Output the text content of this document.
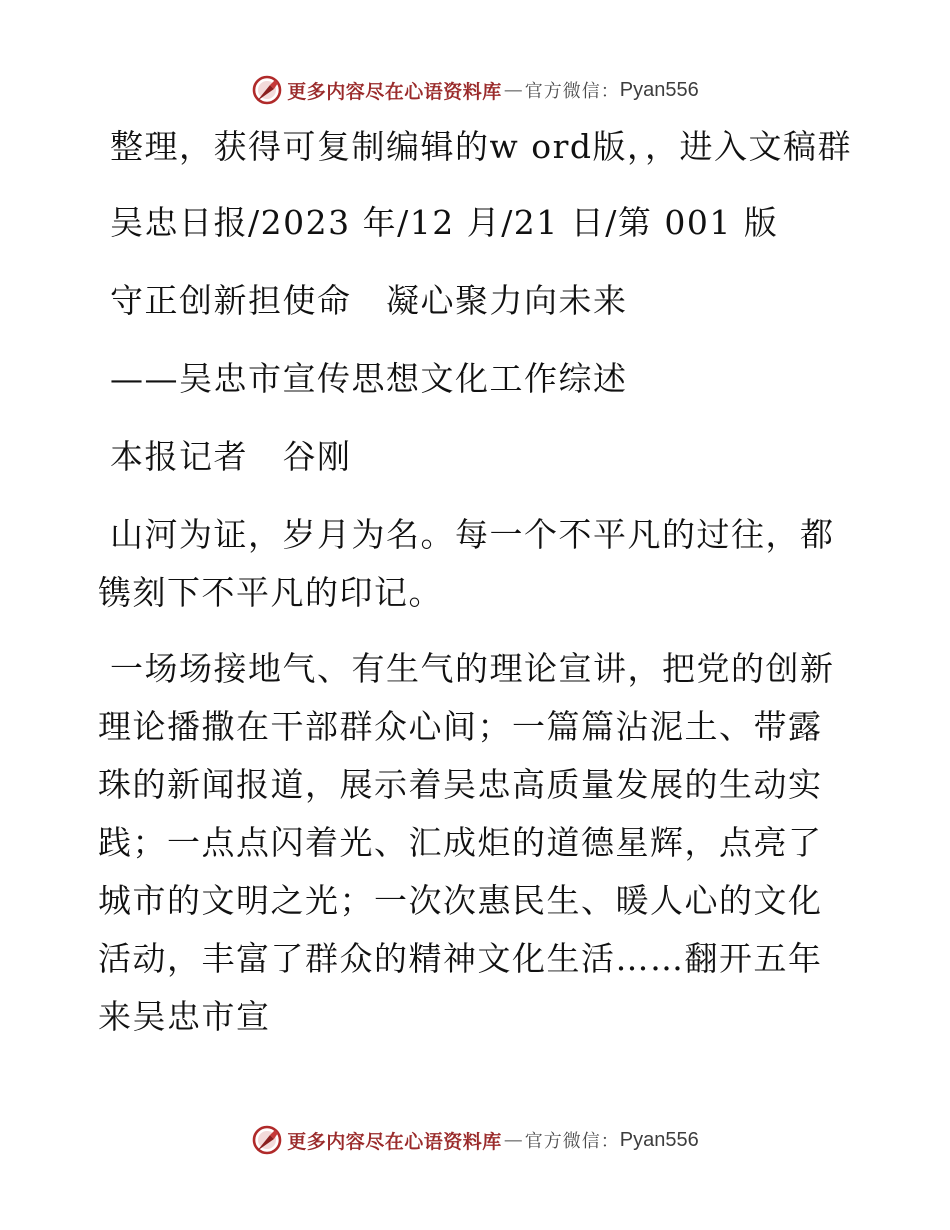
更多内容尽在心语资料库 — 官方微信： Pyan556

整理，获得可复制编辑的w ord版，，进入文稿群

吴忠日报/2023 年/12 月/21 日/第 001 版

守正创新担使命　凝心聚力向未来

——吴忠市宣传思想文化工作综述

本报记者　谷刚

山河为证，岁月为名。每一个不平凡的过往，都镌刻下不平凡的印记。

一场场接地气、有生气的理论宣讲，把党的创新理论播撒在干部群众心间；一篇篇沾泥土、带露珠的新闻报道，展示着吴忠高质量发展的生动实践；一点点闪着光、汇成炬的道德星辉，点亮了城市的文明之光；一次次惠民生、暖人心的文化活动，丰富了群众的精神文化生活……翻开五年来吴忠市宣

更多内容尽在心语资料库 — 官方微信： Pyan556
